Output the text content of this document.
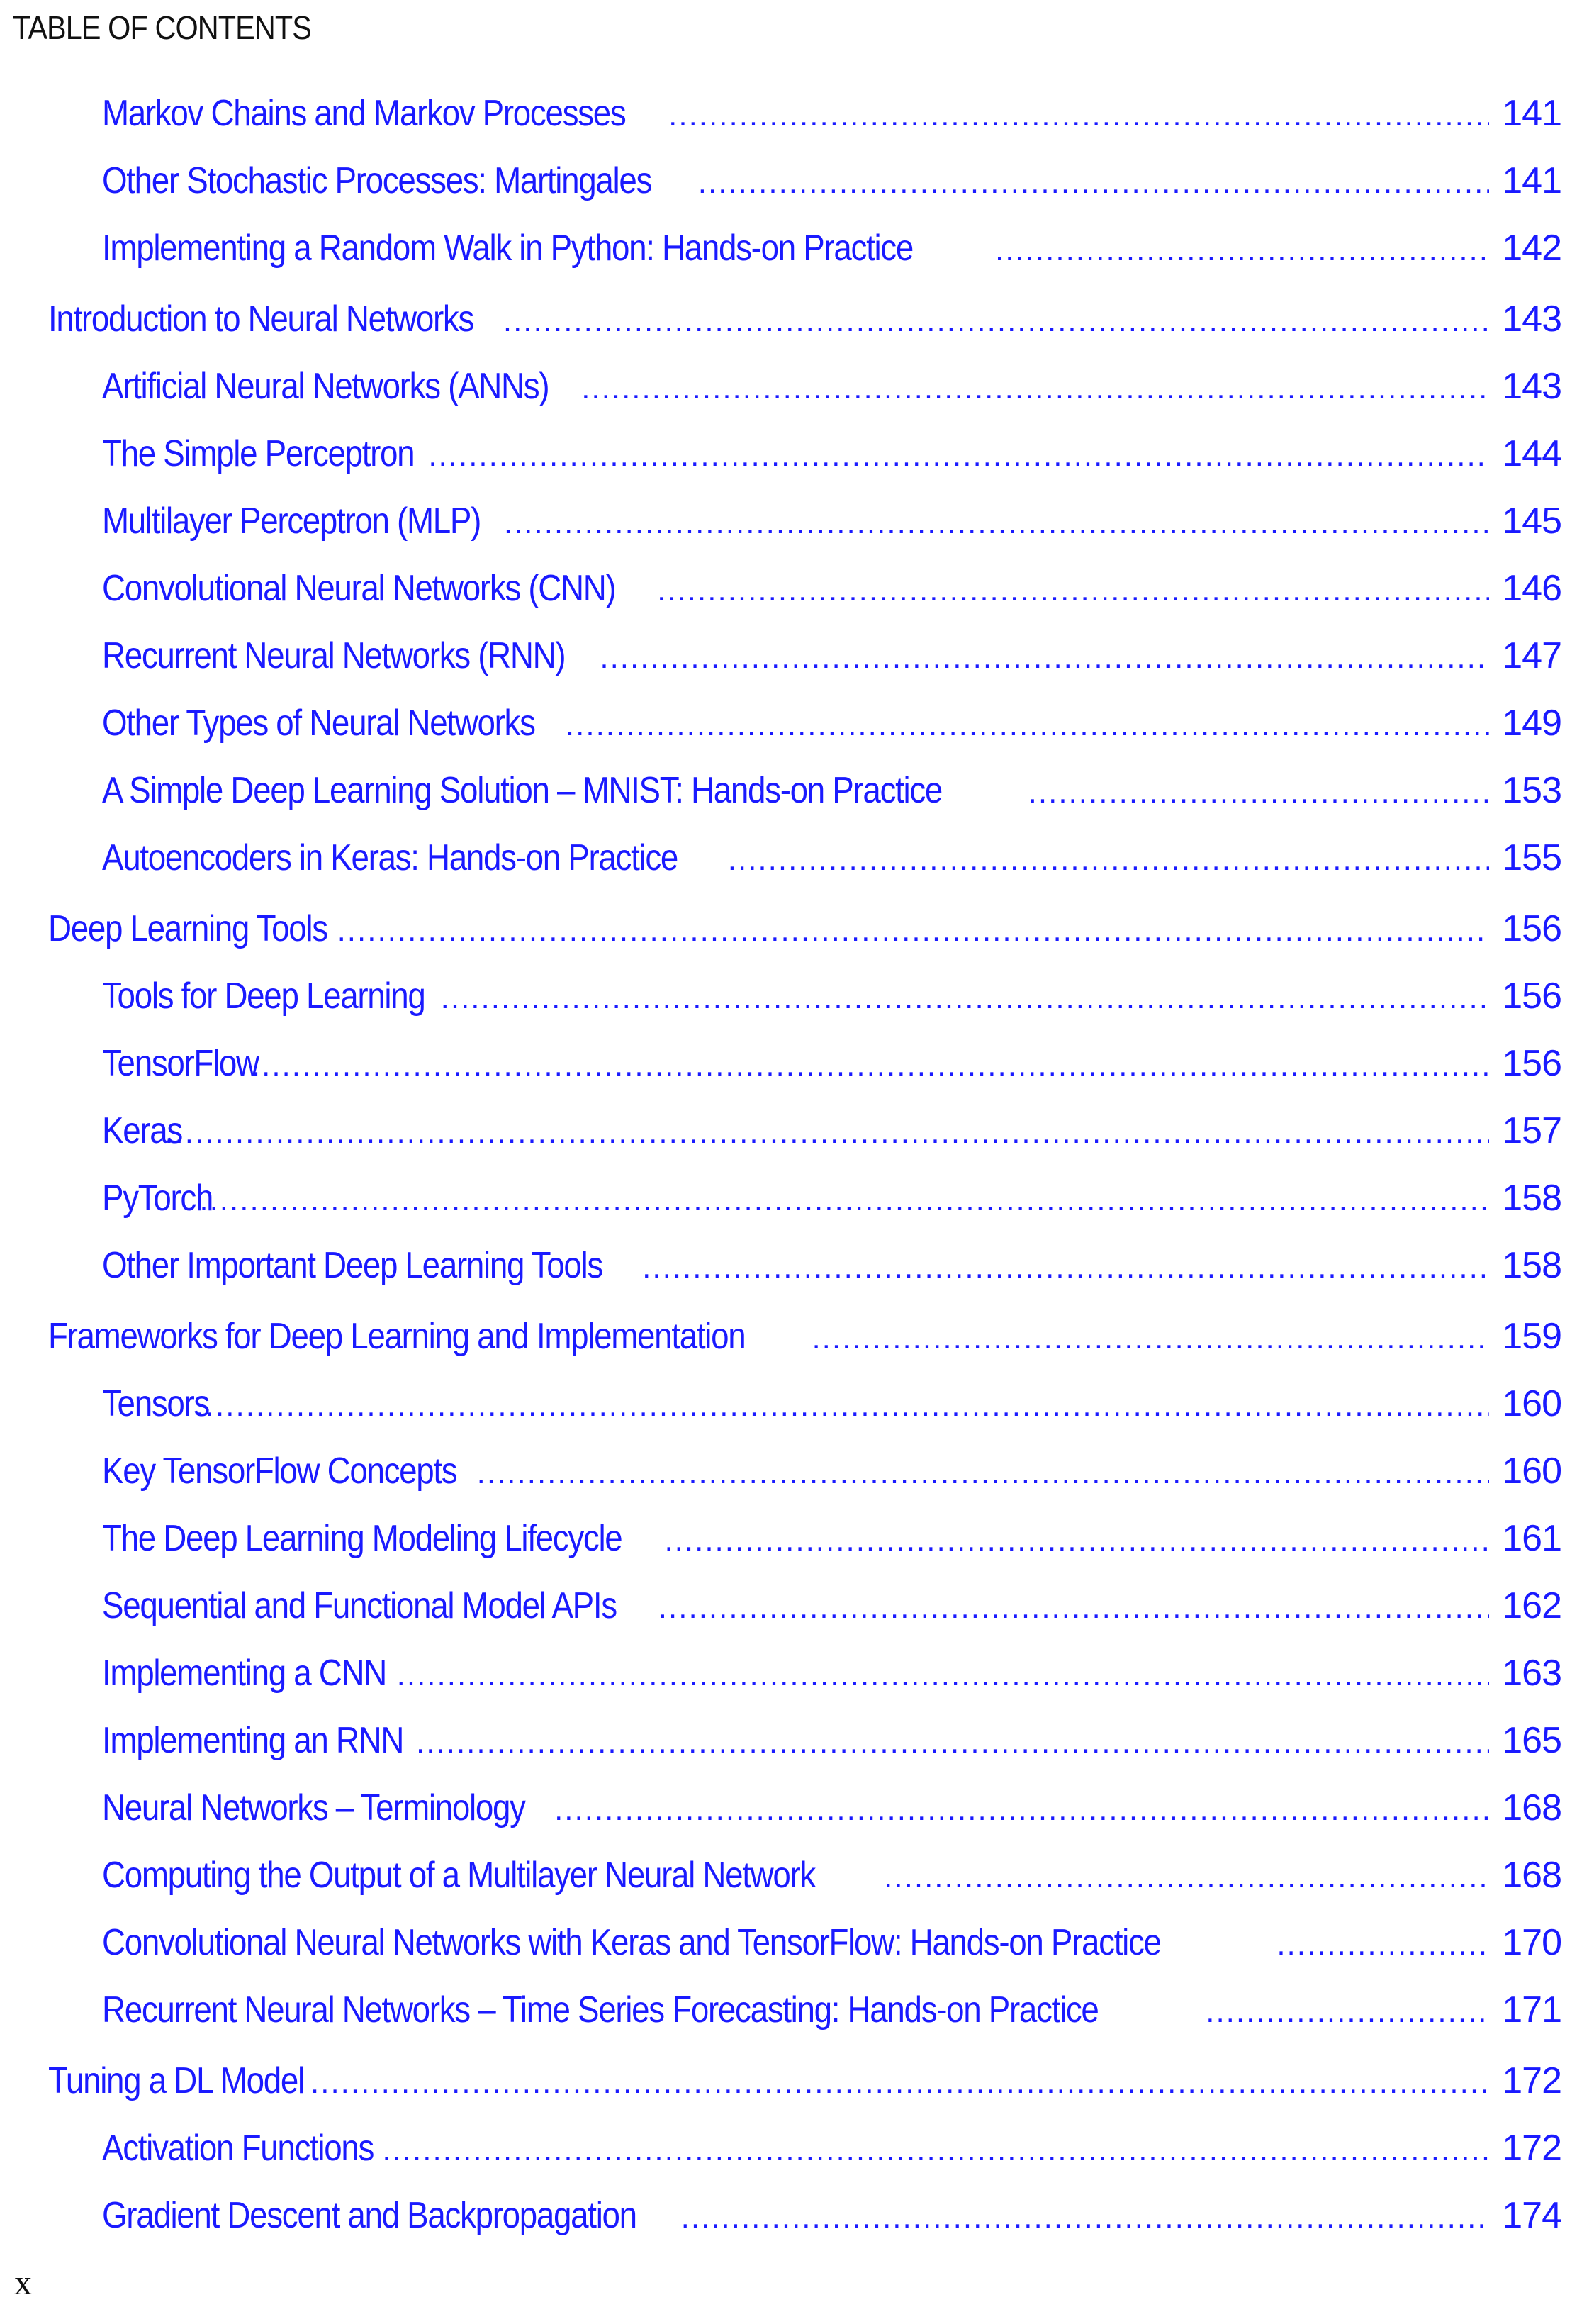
TABLE OF CONTENTS
Markov Chains and Markov Processes .....	141
Other Stochastic Processes: Martingales .....	141
Implementing a Random Walk in Python: Hands-on Practice .....	142
Introduction to Neural Networks .....	143
Artificial Neural Networks (ANNs) .....	143
The Simple Perceptron .....	144
Multilayer Perceptron (MLP) .....	145
Convolutional Neural Networks (CNN) .....	146
Recurrent Neural Networks (RNN) .....	147
Other Types of Neural Networks .....	149
A Simple Deep Learning Solution – MNIST: Hands-on Practice .....	153
Autoencoders in Keras: Hands-on Practice .....	155
Deep Learning Tools .....	156
Tools for Deep Learning .....	156
TensorFlow .....	156
Keras .....	157
PyTorch .....	158
Other Important Deep Learning Tools .....	158
Frameworks for Deep Learning and Implementation .....	159
Tensors .....	160
Key TensorFlow Concepts .....	160
The Deep Learning Modeling Lifecycle .....	161
Sequential and Functional Model APIs .....	162
Implementing a CNN .....	163
Implementing an RNN .....	165
Neural Networks – Terminology .....	168
Computing the Output of a Multilayer Neural Network .....	168
Convolutional Neural Networks with Keras and TensorFlow: Hands-on Practice .....	170
Recurrent Neural Networks – Time Series Forecasting: Hands-on Practice .....	171
Tuning a DL Model .....	172
Activation Functions .....	172
Gradient Descent and Backpropagation .....	174
x
